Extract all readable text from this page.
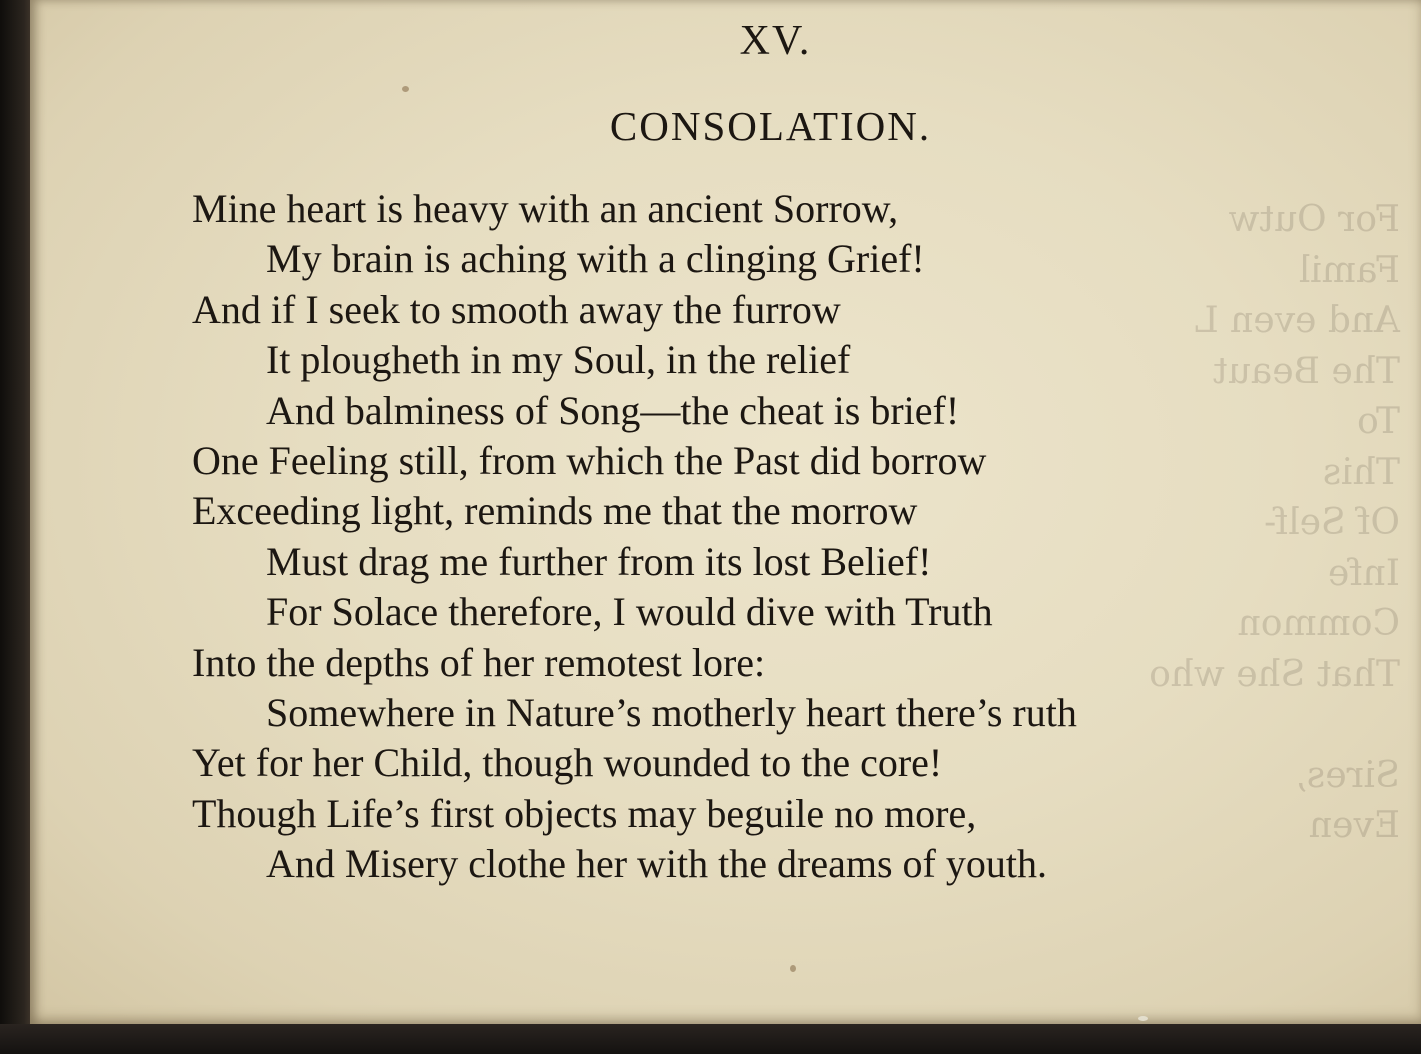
For Outw
Famil
And even L
The Beaut
To
This
Of Self-
Infe
Common
That She who

Sires,
Even
XV.
CONSOLATION.
Mine heart is heavy with an ancient Sorrow,
My brain is aching with a clinging Grief!
And if I seek to smooth away the furrow
It plougheth in my Soul, in the relief
And balminess of Song—the cheat is brief!
One Feeling still, from which the Past did borrow
Exceeding light, reminds me that the morrow
Must drag me further from its lost Belief!
For Solace therefore, I would dive with Truth
Into the depths of her remotest lore:
Somewhere in Nature’s motherly heart there’s ruth
Yet for her Child, though wounded to the core!
Though Life’s first objects may beguile no more,
And Misery clothe her with the dreams of youth.
